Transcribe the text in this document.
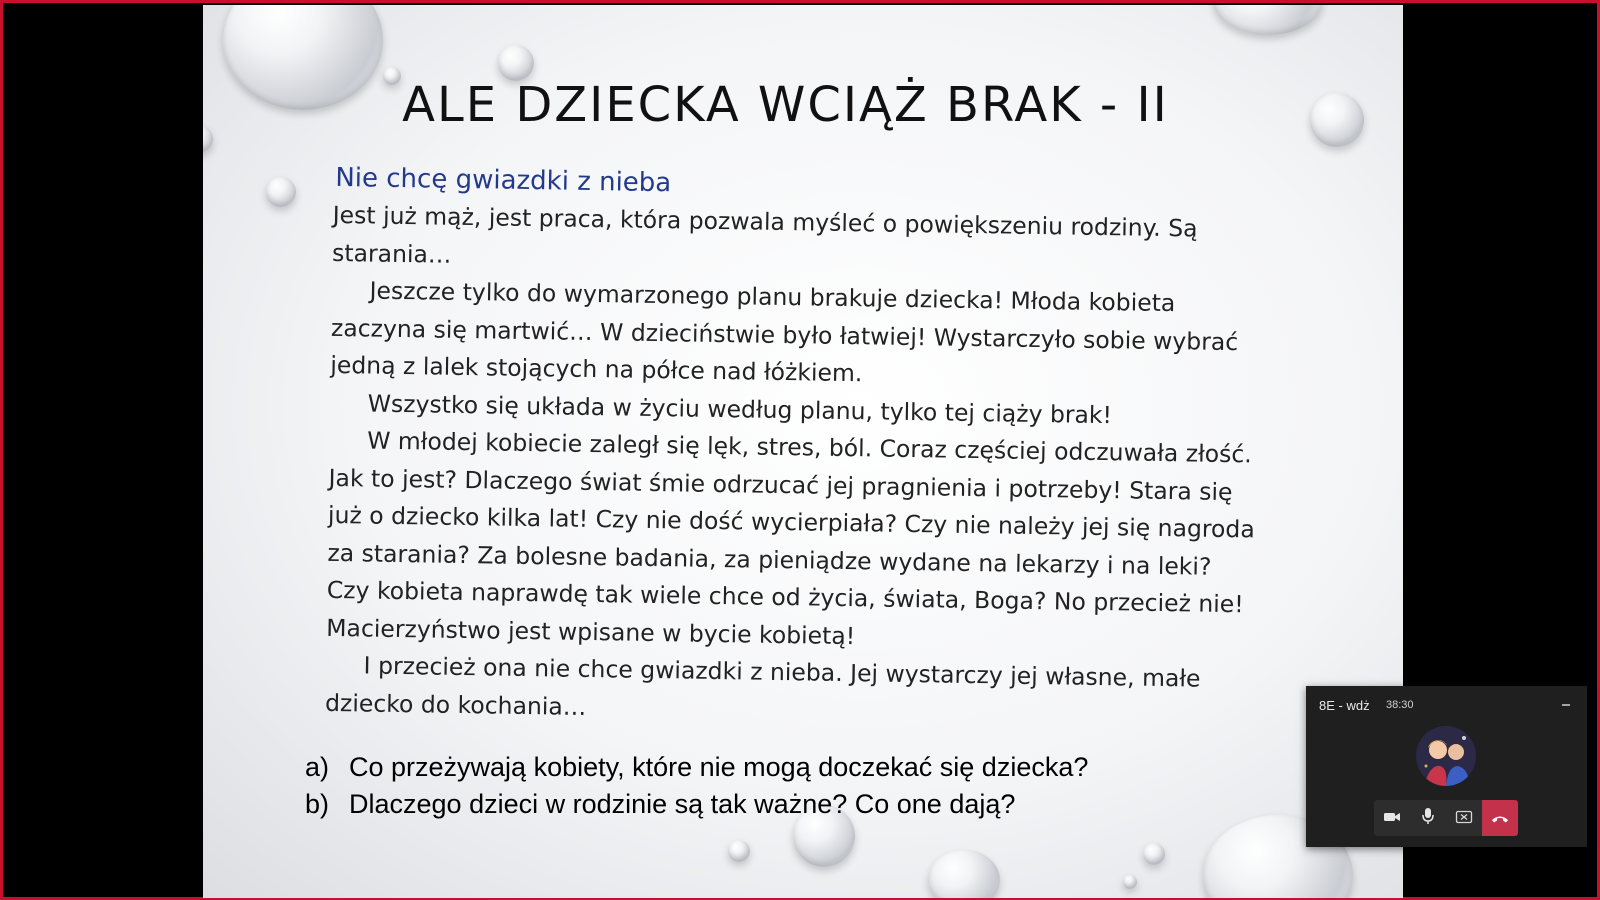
ALE DZIECKA WCIĄŻ BRAK - II
Nie chcę gwiazdki z nieba

Jest już mąż, jest praca, która pozwala myśleć o powiększeniu rodziny. Są starania…

Jeszcze tylko do wymarzonego planu brakuje dziecka! Młoda kobieta zaczyna się martwić… W dzieciństwie było łatwiej! Wystarczyło sobie wybrać jedną z lalek stojących na półce nad łóżkiem.

Wszystko się układa w życiu według planu, tylko tej ciąży brak!

W młodej kobiecie zaległ się lęk, stres, ból. Coraz częściej odczuwała złość. Jak to jest? Dlaczego świat śmie odrzucać jej pragnienia i potrzeby! Stara się już o dziecko kilka lat! Czy nie dość wycierpiała? Czy nie należy jej się nagroda za starania? Za bolesne badania, za pieniądze wydane na lekarzy i na leki? Czy kobieta naprawdę tak wiele chce od życia, świata, Boga? No przecież nie! Macierzyństwo jest wpisane w bycie kobietą!

I przecież ona nie chce gwiazdki z nieba. Jej wystarczy jej własne, małe dziecko do kochania…

a) Co przeżywają kobiety, które nie mogą doczekać się dziecka?
b) Dlaczego dzieci w rodzinie są tak ważne? Co one dają?
8E - wdż 38:30
